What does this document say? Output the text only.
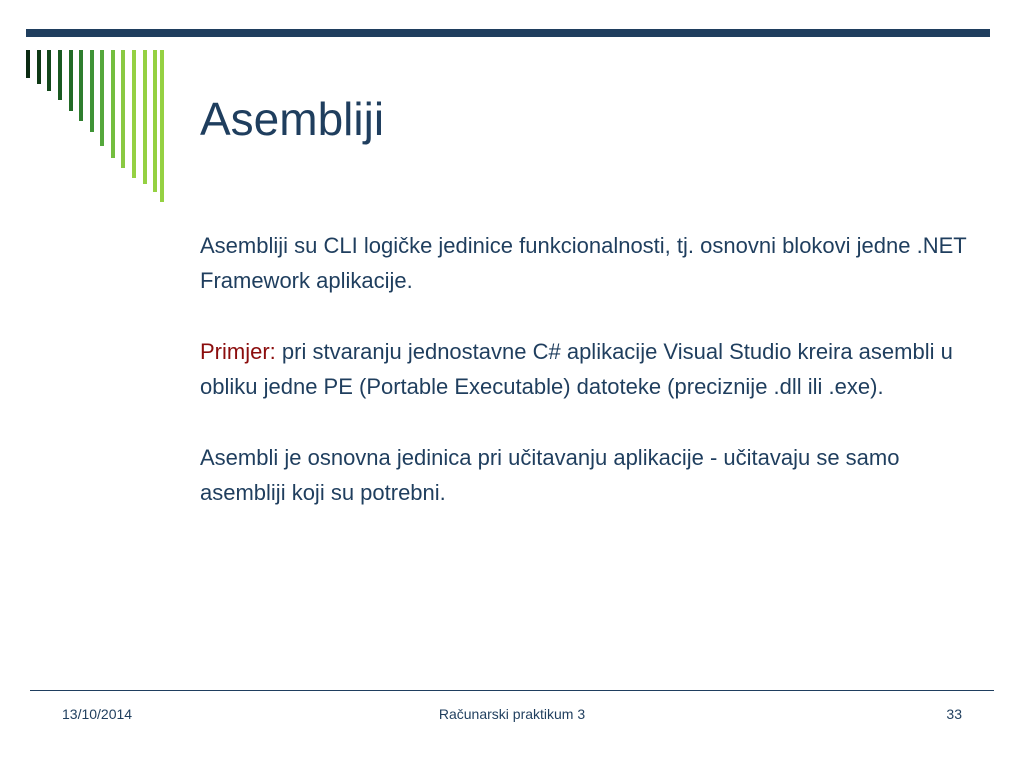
Asembliji

Asembliji su CLI logičke jedinice funkcionalnosti, tj. osnovni blokovi jedne .NET Framework aplikacije.

Primjer: pri stvaranju jednostavne C# aplikacije Visual Studio kreira asembli u obliku jedne PE (Portable Executable) datoteke (preciznije .dll ili .exe).

Asembli je osnovna jedinica pri učitavanju aplikacije - učitavaju se samo asembliji koji su potrebni.

13/10/2014	Računarski praktikum 3	33
